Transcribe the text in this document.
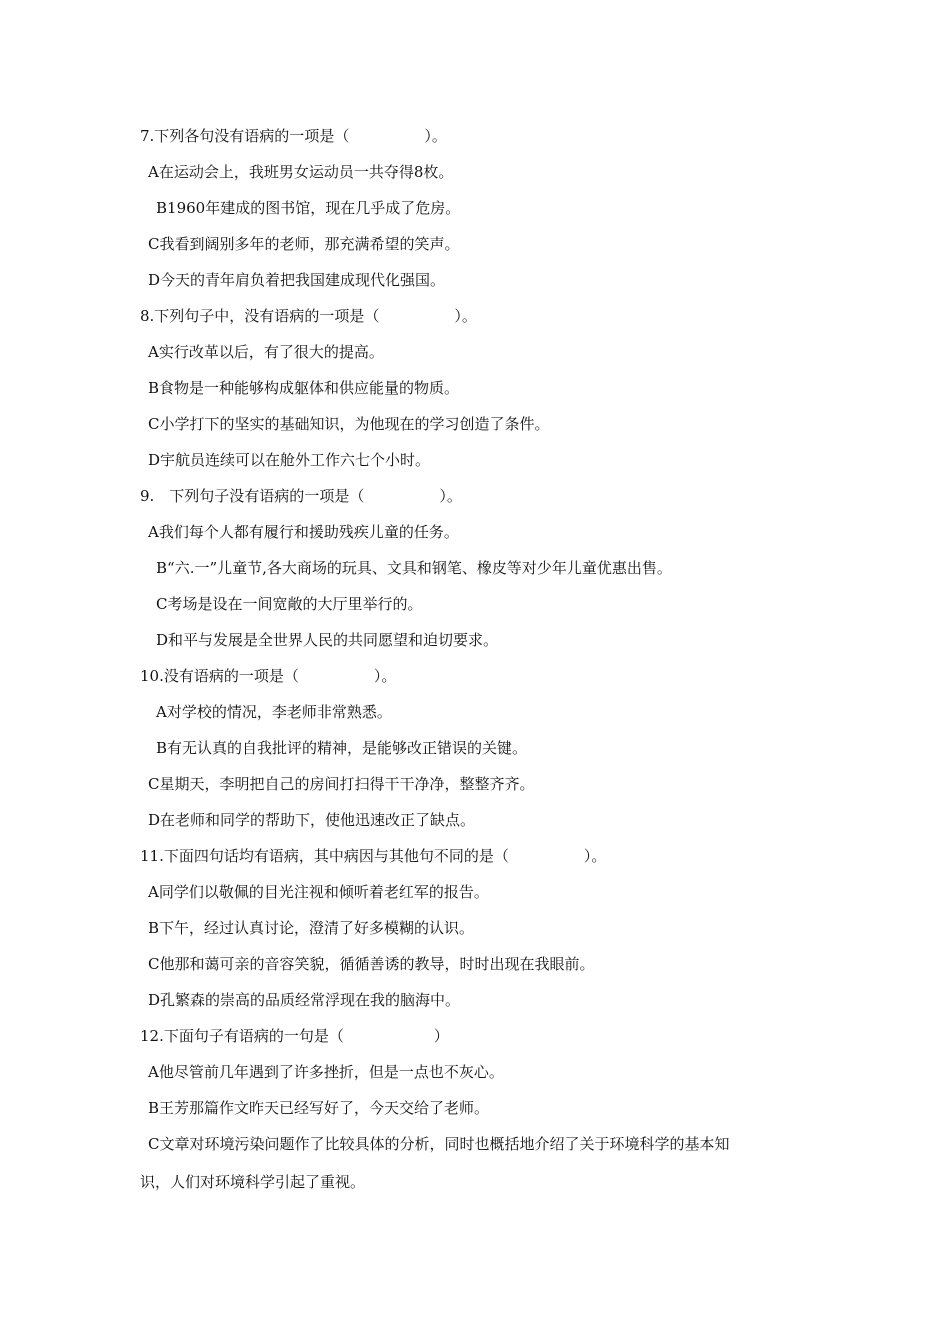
7.下列各句没有语病的一项是（　　　　　）。
A在运动会上，我班男女运动员一共夺得8枚。
B1960年建成的图书馆，现在几乎成了危房。
C我看到阔别多年的老师，那充满希望的笑声。
D今天的青年肩负着把我国建成现代化强国。
8.下列句子中，没有语病的一项是（　　　　　）。
A实行改革以后，有了很大的提高。
B食物是一种能够构成躯体和供应能量的物质。
C小学打下的坚实的基础知识，为他现在的学习创造了条件。
D宇航员连续可以在舱外工作六七个小时。
9.　下列句子没有语病的一项是（　　　　　）。
A我们每个人都有履行和援助残疾儿童的任务。
B“六.一”儿童节,各大商场的玩具、文具和钢笔、橡皮等对少年儿童优惠出售。
C考场是设在一间宽敞的大厅里举行的。
D和平与发展是全世界人民的共同愿望和迫切要求。
10.没有语病的一项是（　　　　　）。
A对学校的情况，李老师非常熟悉。
B有无认真的自我批评的精神，是能够改正错误的关键。
C星期天，李明把自己的房间打扫得干干净净，整整齐齐。
D在老师和同学的帮助下，使他迅速改正了缺点。
11.下面四句话均有语病，其中病因与其他句不同的是（　　　　　）。
A同学们以敬佩的目光注视和倾听着老红军的报告。
B下午，经过认真讨论，澄清了好多模糊的认识。
C他那和蔼可亲的音容笑貌，循循善诱的教导，时时出现在我眼前。
D孔繁森的崇高的品质经常浮现在我的脑海中。
12.下面句子有语病的一句是（　　　　　　）
A他尽管前几年遇到了许多挫折，但是一点也不灰心。
B王芳那篇作文昨天已经写好了，今天交给了老师。
C文章对环境污染问题作了比较具体的分析，同时也概括地介绍了关于环境科学的基本知
识，人们对环境科学引起了重视。
